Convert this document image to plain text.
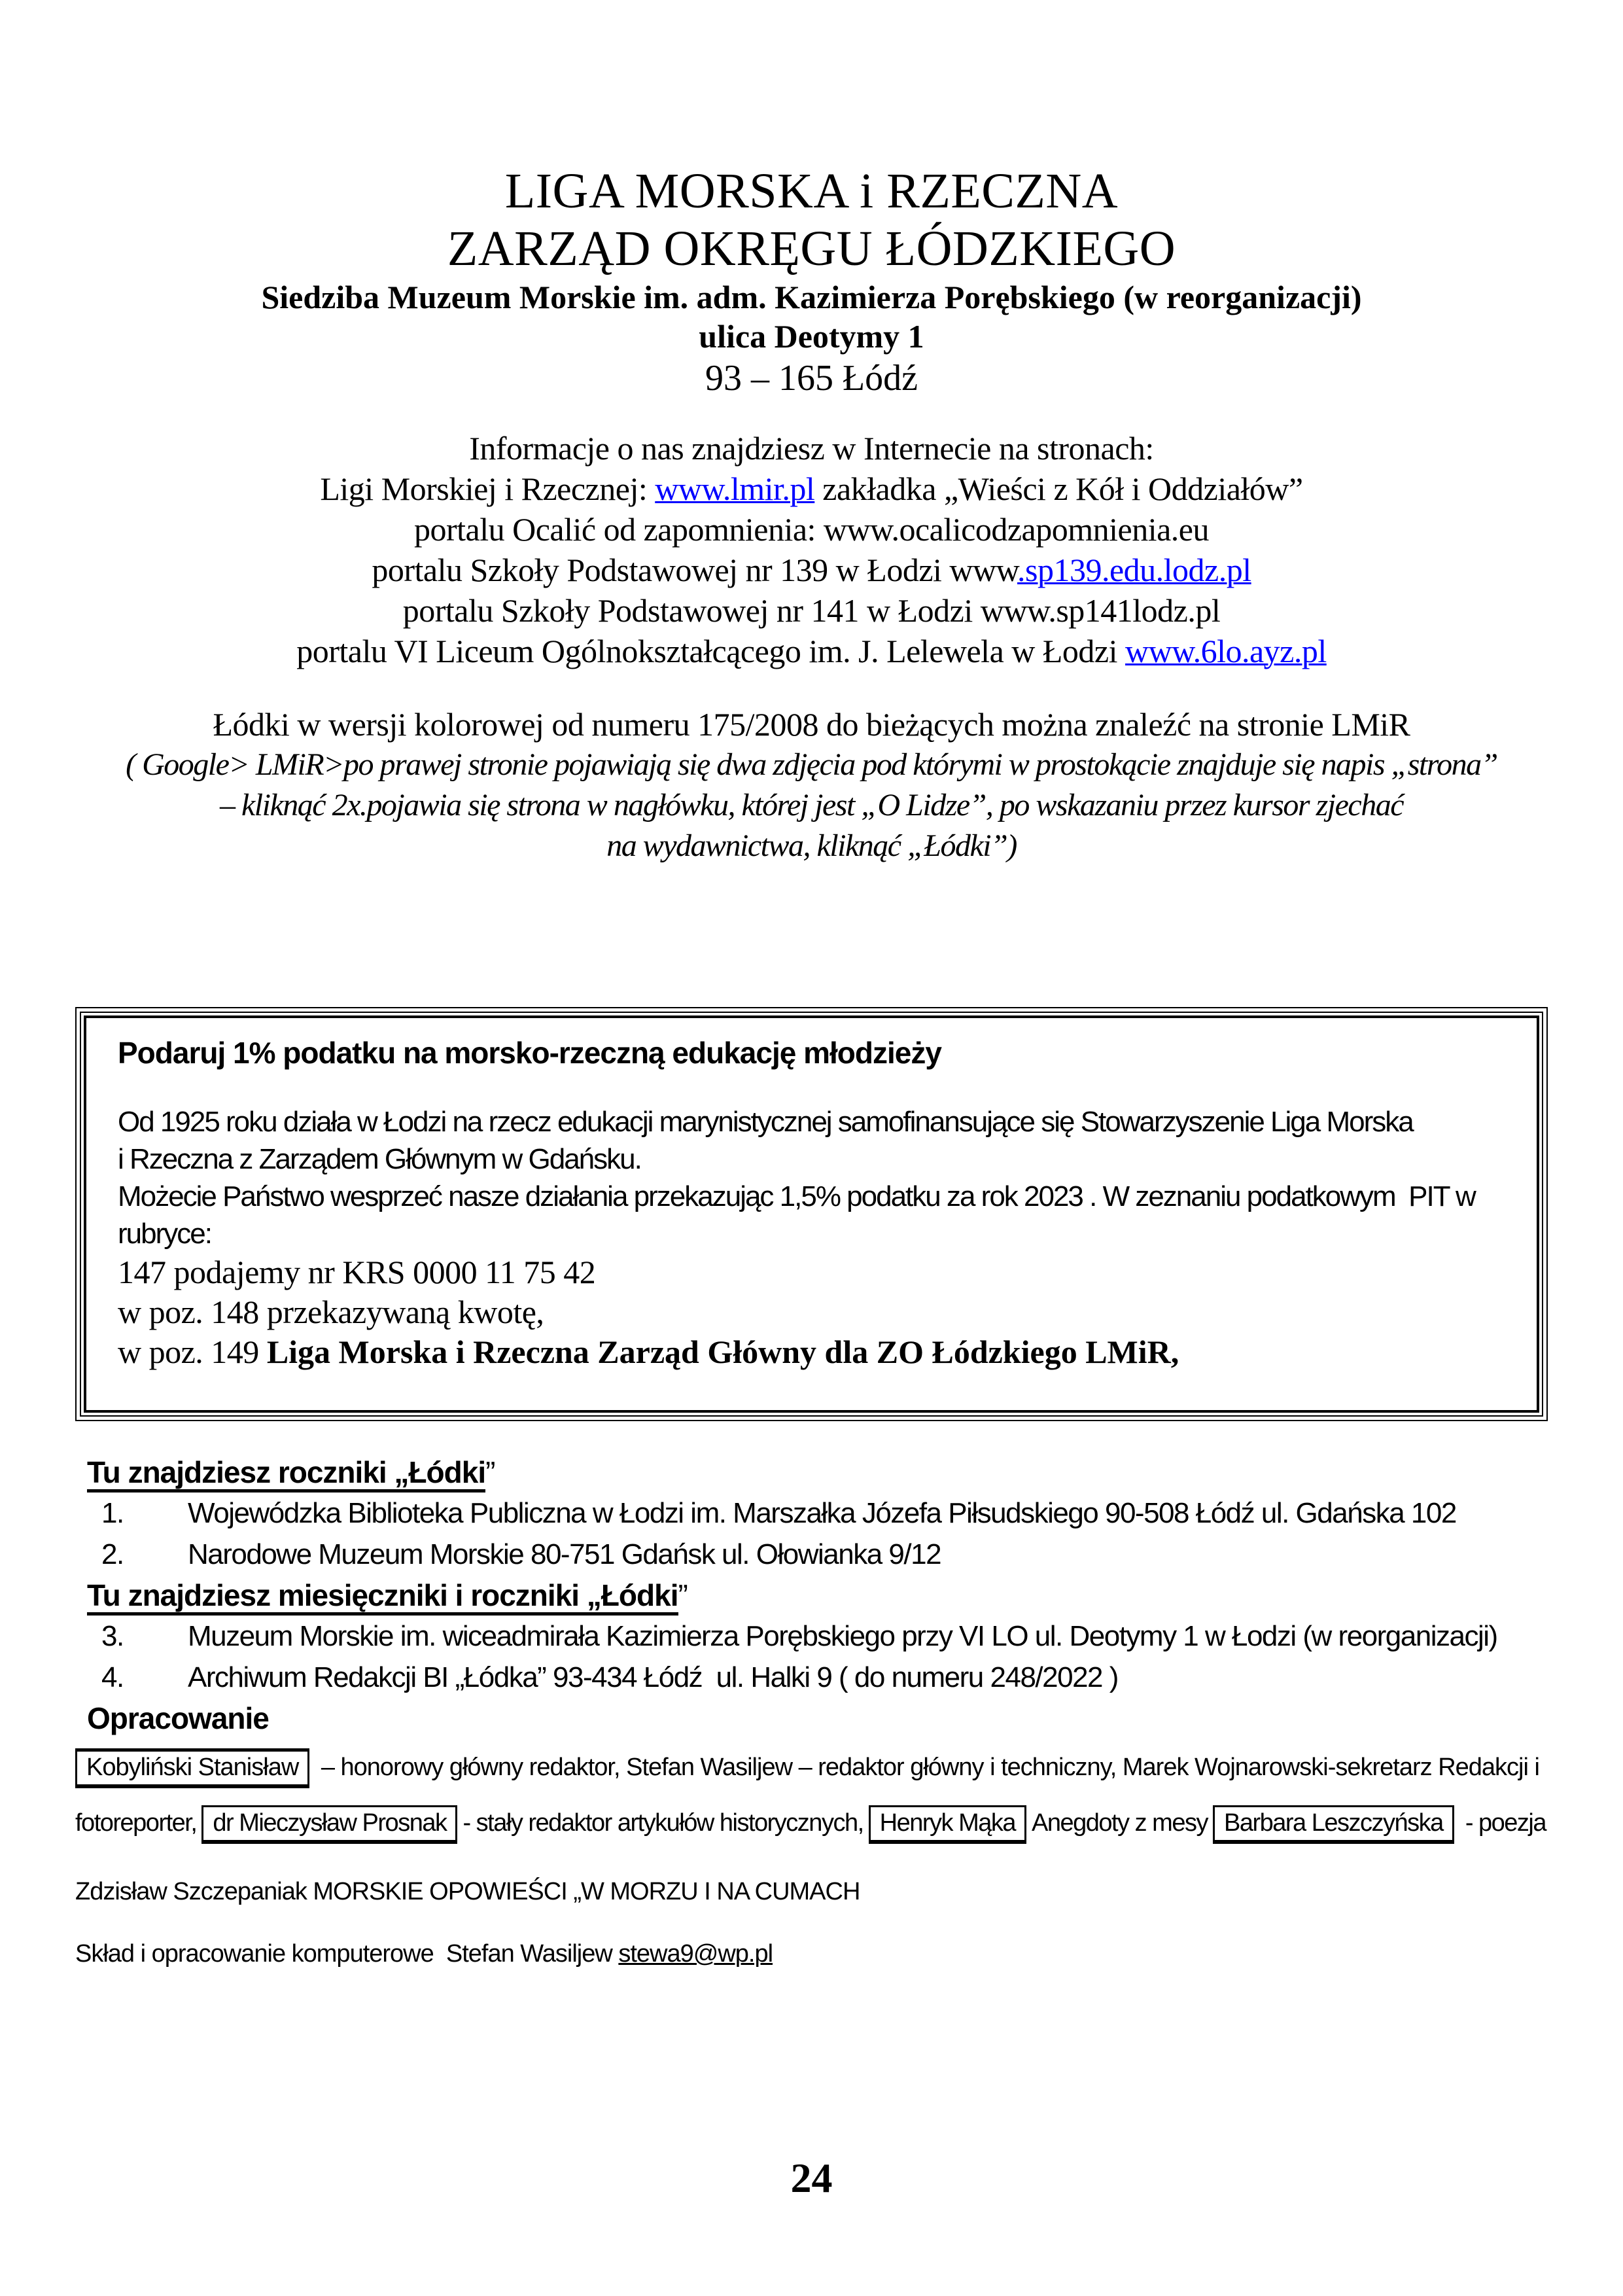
LIGA MORSKA i RZECZNA
ZARZĄD OKRĘGU ŁÓDZKIEGO
Siedziba Muzeum Morskie im. adm. Kazimierza Porębskiego (w reorganizacji)
ulica Deotymy 1
93 – 165 Łódź
Informacje o nas znajdziesz w Internecie na stronach:
Ligi Morskiej i Rzecznej: www.lmir.pl zakładka „Wieści z Kół i Oddziałów”
portalu Ocalić od zapomnienia: www.ocalicodzapomnienia.eu
portalu Szkoły Podstawowej nr 139 w Łodzi www.sp139.edu.lodz.pl
portalu Szkoły Podstawowej nr 141 w Łodzi www.sp141lodz.pl
portalu VI Liceum Ogólnokształcącego im. J. Lelewela w Łodzi www.6lo.ayz.pl
Łódki w wersji kolorowej od numeru 175/2008 do bieżących można znaleźć na stronie LMiR
( Google> LMiR>po prawej stronie pojawiają się dwa zdjęcia pod którymi w prostokącie znajduje się napis „strona”
– kliknąć 2x.pojawia się strona w nagłówku, której jest „O Lidze”, po wskazaniu przez kursor zjechać
na wydawnictwa, kliknąć „Łódki”)
Podaruj 1% podatku na morsko-rzeczną edukację młodzieży
Od 1925 roku działa w Łodzi na rzecz edukacji marynistycznej samofinansujące się Stowarzyszenie Liga Morska
i Rzeczna z Zarządem Głównym w Gdańsku.
Możecie Państwo wesprzeć nasze działania przekazując 1,5% podatku za rok 2023 . W zeznaniu podatkowym  PIT w
rubryce:
147 podajemy nr KRS 0000 11 75 42
w poz. 148 przekazywaną kwotę,
w poz. 149 Liga Morska i Rzeczna Zarząd Główny dla ZO Łódzkiego LMiR,
Tu znajdziesz roczniki „Łódki”
1.	Wojewódzka Biblioteka Publiczna w Łodzi im. Marszałka Józefa Piłsudskiego 90-508 Łódź ul. Gdańska 102
2.	Narodowe Muzeum Morskie 80-751 Gdańsk ul. Ołowianka 9/12
Tu znajdziesz miesięczniki i roczniki „Łódki”
3.	Muzeum Morskie im. wiceadmirała Kazimierza Porębskiego przy VI LO ul. Deotymy 1 w Łodzi (w reorganizacji)
4.	Archiwum Redakcji BI „Łódka” 93-434 Łódź  ul. Halki 9 ( do numeru 248/2022 )
Opracowanie

Kobyliński Stanisław – honorowy główny redaktor, Stefan Wasiljew – redaktor główny i techniczny, Marek Wojnarowski-sekretarz Redakcji i

fotoreporter, dr Mieczysław Prosnak - stały redaktor artykułów historycznych, Henryk Mąka Anegdoty z mesy Barbara Leszczyńska - poezja

Zdzisław Szczepaniak MORSKIE OPOWIEŚCI „W MORZU I NA CUMACH

Skład i opracowanie komputerowe  Stefan Wasiljew stewa9@wp.pl

24
